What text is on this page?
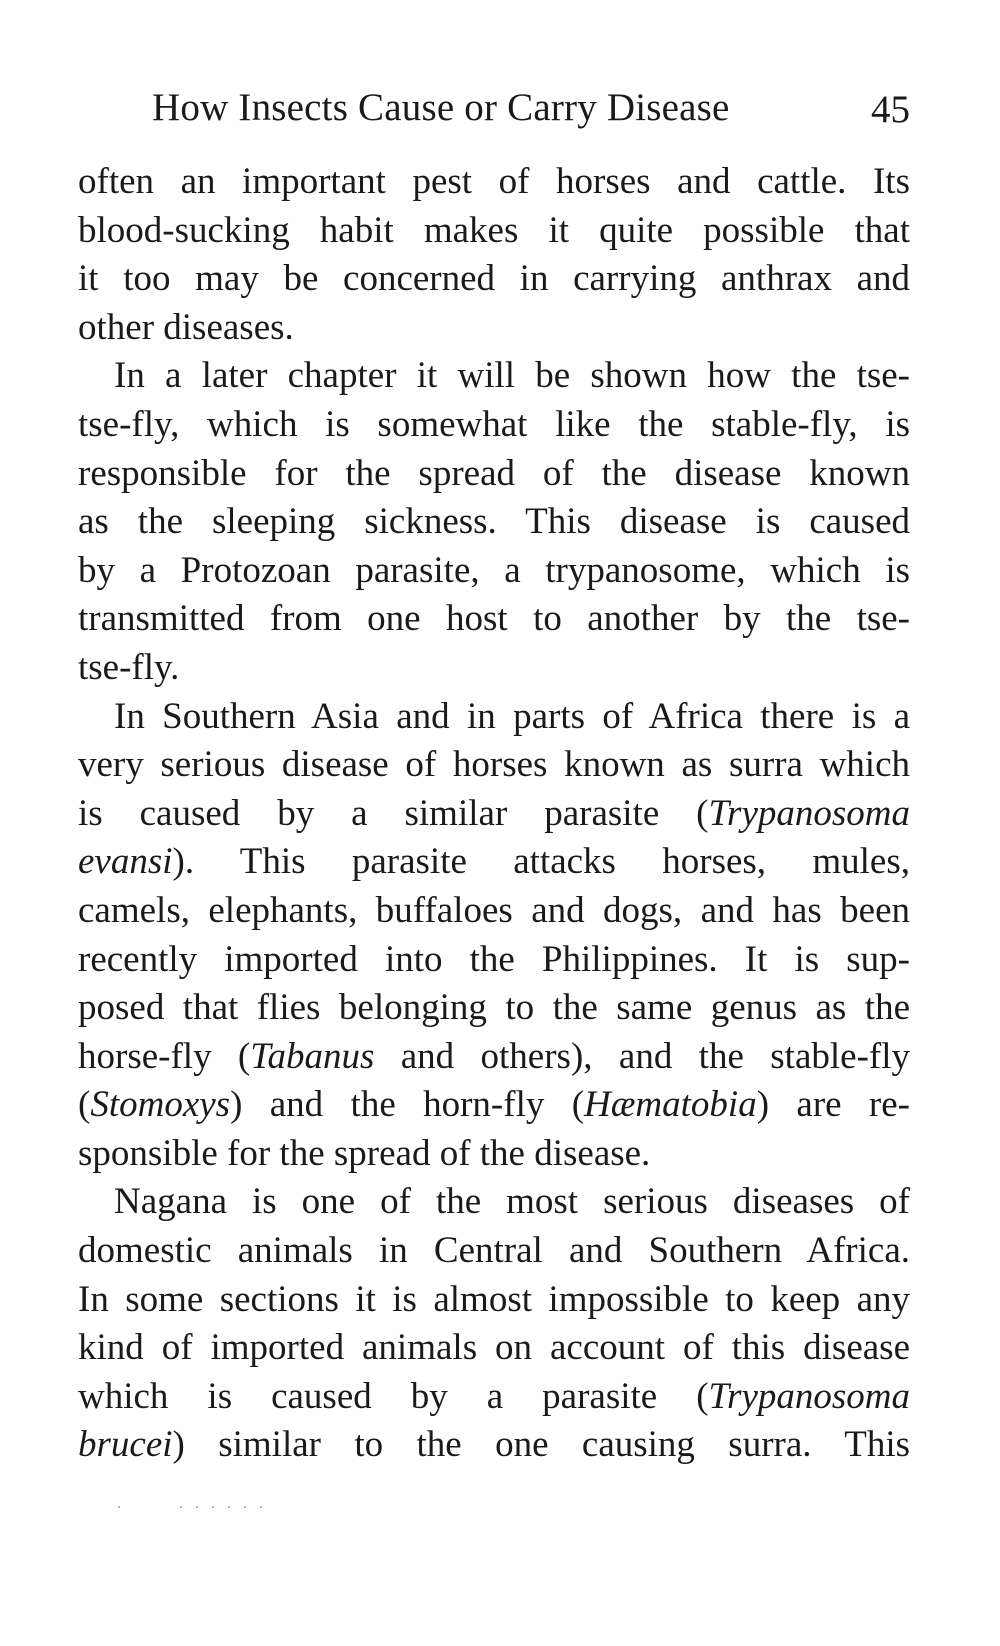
How Insects Cause or Carry Disease	45
often an important pest of horses and cattle. Its
blood-sucking habit makes it quite possible that
it too may be concerned in carrying anthrax and
other diseases.
In a later chapter it will be shown how the tse-
tse-fly, which is somewhat like the stable-fly, is
responsible for the spread of the disease known
as the sleeping sickness. This disease is caused
by a Protozoan parasite, a trypanosome, which is
transmitted from one host to another by the tse-
tse-fly.
In Southern Asia and in parts of Africa there is a
very serious disease of horses known as surra which
is caused by a similar parasite (Trypanosoma
evansi). This parasite attacks horses, mules,
camels, elephants, buffaloes and dogs, and has been
recently imported into the Philippines. It is sup-
posed that flies belonging to the same genus as the
horse-fly (Tabanus and others), and the stable-fly
(Stomoxys) and the horn-fly (Hæmatobia) are re-
sponsible for the spread of the disease.
Nagana is one of the most serious diseases of
domestic animals in Central and Southern Africa.
In some sections it is almost impossible to keep any
kind of imported animals on account of this disease
which is caused by a parasite (Trypanosoma
brucei) similar to the one causing surra. This
